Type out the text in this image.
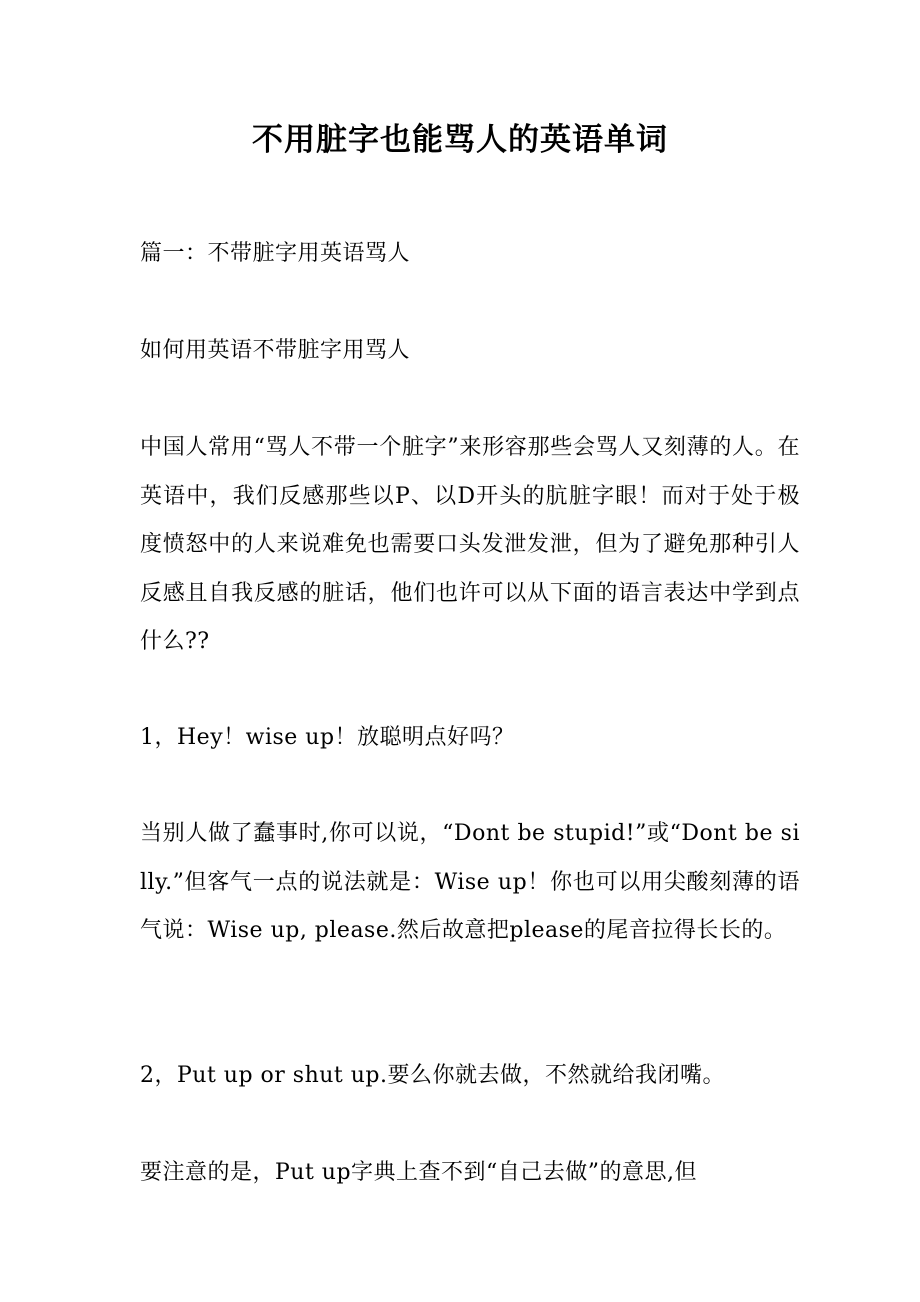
不用脏字也能骂人的英语单词

篇一：不带脏字用英语骂人

如何用英语不带脏字用骂人

中国人常用“骂人不带一个脏字”来形容那些会骂人又刻薄的人。在英语中，我们反感那些以P、以D开头的肮脏字眼！而对于处于极度愤怒中的人来说难免也需要口头发泄发泄，但为了避免那种引人反感且自我反感的脏话，他们也许可以从下面的语言表达中学到点什么??

1，Hey！wise up！放聪明点好吗？

当别人做了蠢事时,你可以说，“Dont be stupid!”或“Dont be silly.”但客气一点的说法就是：Wise up！你也可以用尖酸刻薄的语气说：Wise up, please.然后故意把please的尾音拉得长长的。

2，Put up or shut up.要么你就去做，不然就给我闭嘴。

要注意的是，Put up字典上查不到“自己去做”的意思,但
